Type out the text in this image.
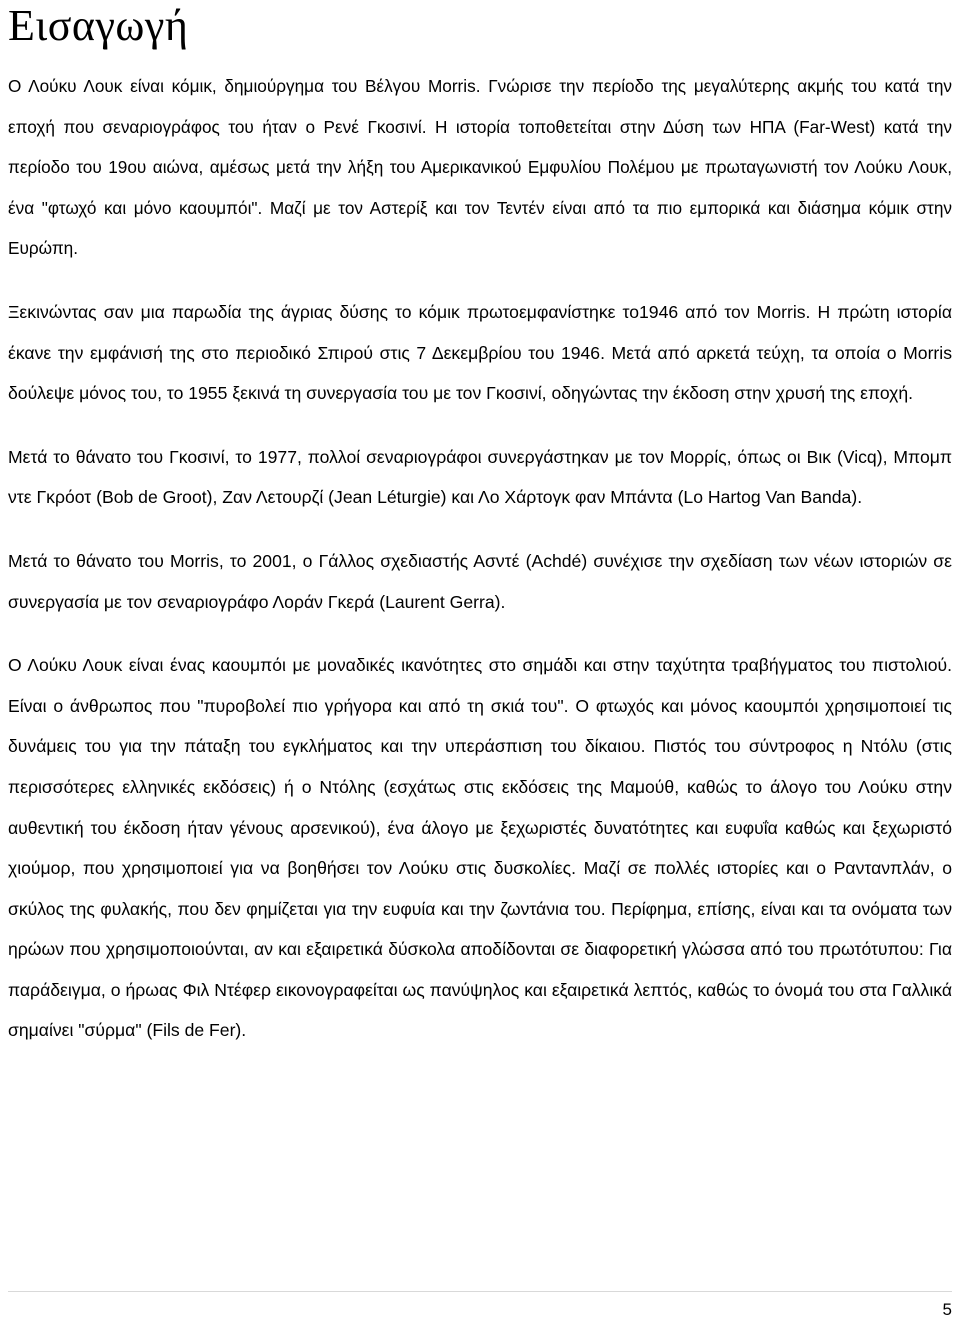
Εισαγωγή

Ο Λούκυ Λουκ είναι κόμικ, δημιούργημα του Βέλγου Morris. Γνώρισε την περίοδο της μεγαλύτερης ακμής του κατά την εποχή που σεναριογράφος του ήταν ο Ρενέ Γκοσινί. Η ιστορία τοποθετείται στην Δύση των ΗΠΑ (Far-West) κατά την περίοδο του 19ου αιώνα, αμέσως μετά την λήξη του Αμερικανικού Εμφυλίου Πολέμου με πρωταγωνιστή τον Λούκυ Λουκ, ένα "φτωχό και μόνο καουμπόι". Μαζί με τον Αστερίξ και τον Τεντέν είναι από τα πιο εμπορικά και διάσημα κόμικ στην Ευρώπη.

Ξεκινώντας σαν μια παρωδία της άγριας δύσης το κόμικ πρωτοεμφανίστηκε το1946 από τον Morris. Η πρώτη ιστορία έκανε την εμφάνισή της στο περιοδικό Σπιρού στις 7 Δεκεμβρίου του 1946. Μετά από αρκετά τεύχη, τα οποία ο Morris δούλεψε μόνος του, το 1955 ξεκινά τη συνεργασία του με τον Γκοσινί, οδηγώντας την έκδοση στην χρυσή της εποχή.

Μετά το θάνατο του Γκοσινί, το 1977, πολλοί σεναριογράφοι συνεργάστηκαν με τον Μορρίς, όπως οι Βικ (Vicq), Μπομπ ντε Γκρόοτ (Bob de Groot), Ζαν Λετουρζί (Jean Léturgie) και Λο Χάρτογκ φαν Μπάντα (Lo Hartog Van Banda).

Μετά το θάνατο του Morris, το 2001, ο Γάλλος σχεδιαστής Ασντέ (Achdé) συνέχισε την σχεδίαση των νέων ιστοριών σε συνεργασία με τον σεναριογράφο Λοράν Γκερά (Laurent Gerra).

Ο Λούκυ Λουκ είναι ένας καουμπόι με μοναδικές ικανότητες στο σημάδι και στην ταχύτητα τραβήγματος του πιστολιού. Είναι ο άνθρωπος που "πυροβολεί πιο γρήγορα και από τη σκιά του". Ο φτωχός και μόνος καουμπόι χρησιμοποιεί τις δυνάμεις του για την πάταξη του εγκλήματος και την υπεράσπιση του δίκαιου. Πιστός του σύντροφος η Ντόλυ (στις περισσότερες ελληνικές εκδόσεις) ή ο Ντόλης (εσχάτως στις εκδόσεις της Μαμούθ, καθώς το άλογο του Λούκυ στην αυθεντική του έκδοση ήταν γένους αρσενικού), ένα άλογο με ξεχωριστές δυνατότητες και ευφυΐα καθώς και ξεχωριστό χιούμορ, που χρησιμοποιεί για να βοηθήσει τον Λούκυ στις δυσκολίες. Μαζί σε πολλές ιστορίες και ο Ραντανπλάν, ο σκύλος της φυλακής, που δεν φημίζεται για την ευφυία και την ζωντάνια του. Περίφημα, επίσης, είναι και τα ονόματα των ηρώων που χρησιμοποιούνται, αν και εξαιρετικά δύσκολα αποδίδονται σε διαφορετική γλώσσα από του πρωτότυπου: Για παράδειγμα, ο ήρωας Φιλ Ντέφερ εικονογραφείται ως πανύψηλος και εξαιρετικά λεπτός, καθώς το όνομά του στα Γαλλικά σημαίνει "σύρμα" (Fils de Fer).

5
